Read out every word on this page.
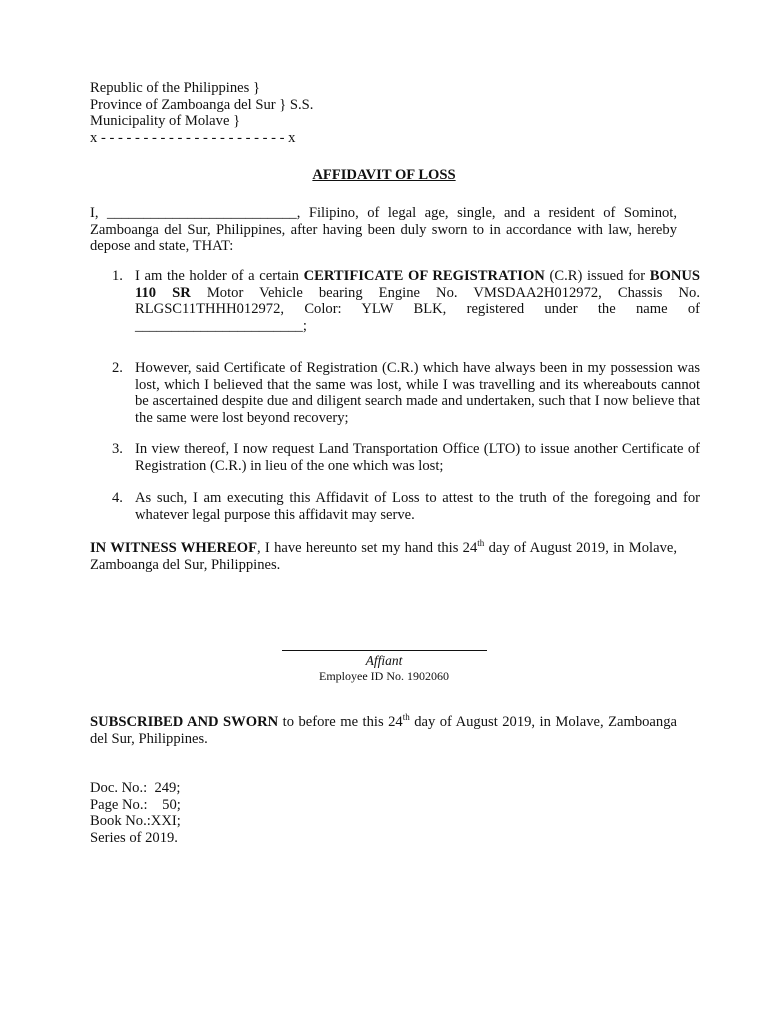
Republic of the Philippines }
Province of Zamboanga del Sur } S.S.
Municipality of Molave }
x - - - - - - - - - - - - - - - - - - - - - - x
AFFIDAVIT OF LOSS
I, __________________________, Filipino, of legal age, single, and a resident of Sominot, Zamboanga del Sur, Philippines, after having been duly sworn to in accordance with law, hereby depose and state, THAT:
1. I am the holder of a certain CERTIFICATE OF REGISTRATION (C.R) issued for BONUS 110 SR Motor Vehicle bearing Engine No. VMSDAA2H012972, Chassis No. RLGSC11THHH012972, Color: YLW BLK, registered under the name of _______________________;
2. However, said Certificate of Registration (C.R.) which have always been in my possession was lost, which I believed that the same was lost, while I was travelling and its whereabouts cannot be ascertained despite due and diligent search made and undertaken, such that I now believe that the same were lost beyond recovery;
3. In view thereof, I now request Land Transportation Office (LTO) to issue another Certificate of Registration (C.R.) in lieu of the one which was lost;
4. As such, I am executing this Affidavit of Loss to attest to the truth of the foregoing and for whatever legal purpose this affidavit may serve.
IN WITNESS WHEREOF, I have hereunto set my hand this 24th day of August 2019, in Molave, Zamboanga del Sur, Philippines.
Affiant
Employee ID No. 1902060
SUBSCRIBED AND SWORN to before me this 24th day of August 2019, in Molave, Zamboanga del Sur, Philippines.
Doc. No.:  249;
Page No.:    50;
Book No.:XXI;
Series of 2019.
